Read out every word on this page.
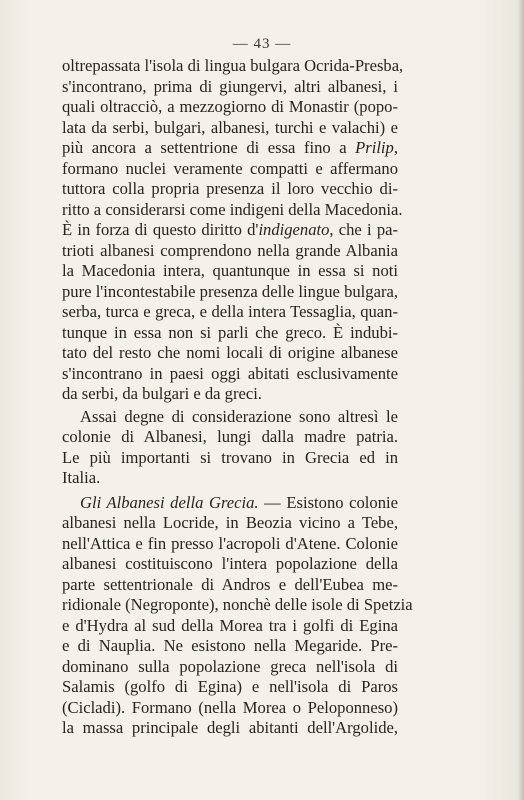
— 43 —
oltrepassata l'isola di lingua bulgara Ocrida-Presba,
s'incontrano, prima di giungervi, altri albanesi, i
quali oltracciò, a mezzogiorno di Monastir (popo-
lata da serbi, bulgari, albanesi, turchi e valachi) e
più ancora a settentrione di essa fino a Prilip,
formano nuclei veramente compatti e affermano
tuttora colla propria presenza il loro vecchio di-
ritto a considerarsi come indigeni della Macedonia.
È in forza di questo diritto d'indigenato, che i pa-
trioti albanesi comprendono nella grande Albania
la Macedonia intera, quantunque in essa si noti
pure l'incontestabile presenza delle lingue bulgara,
serba, turca e greca, e della intera Tessaglia, quan-
tunque in essa non si parli che greco. È indubi-
tato del resto che nomi locali di origine albanese
s'incontrano in paesi oggi abitati esclusivamente
da serbi, da bulgari e da greci.
Assai degne di considerazione sono altresì le
colonie di Albanesi, lungi dalla madre patria.
Le più importanti si trovano in Grecia ed in
Italia.
Gli Albanesi della Grecia. — Esistono colonie
albanesi nella Locride, in Beozia vicino a Tebe,
nell'Attica e fin presso l'acropoli d'Atene. Colonie
albanesi costituiscono l'intera popolazione della
parte settentrionale di Andros e dell'Eubea me-
ridionale (Negroponte), nonchè delle isole di Spetzia
e d'Hydra al sud della Morea tra i golfi di Egina
e di Nauplia. Ne esistono nella Megaride. Pre-
dominano sulla popolazione greca nell'isola di
Salamis (golfo di Egina) e nell'isola di Paros
(Cicladi). Formano (nella Morea o Peloponneso)
la massa principale degli abitanti dell'Argolide,
